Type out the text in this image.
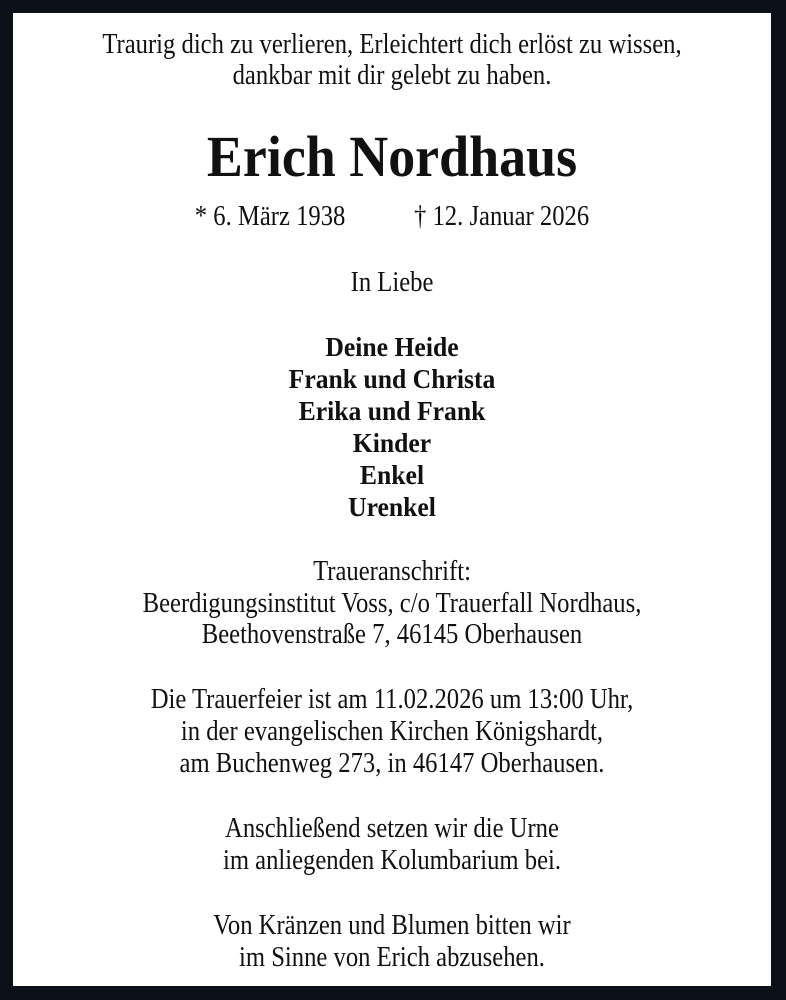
Traurig dich zu verlieren, Erleichtert dich erlöst zu wissen,
dankbar mit dir gelebt zu haben.
Erich Nordhaus
* 6. März 1938 † 12. Januar 2026
In Liebe
Deine Heide
Frank und Christa
Erika und Frank
Kinder
Enkel
Urenkel
Traueranschrift:
Beerdigungsinstitut Voss, c/o Trauerfall Nordhaus,
Beethovenstraße 7, 46145 Oberhausen
Die Trauerfeier ist am 11.02.2026 um 13:00 Uhr,
in der evangelischen Kirchen Königshardt,
am Buchenweg 273, in 46147 Oberhausen.
Anschließend setzen wir die Urne
im anliegenden Kolumbarium bei.
Von Kränzen und Blumen bitten wir
im Sinne von Erich abzusehen.
